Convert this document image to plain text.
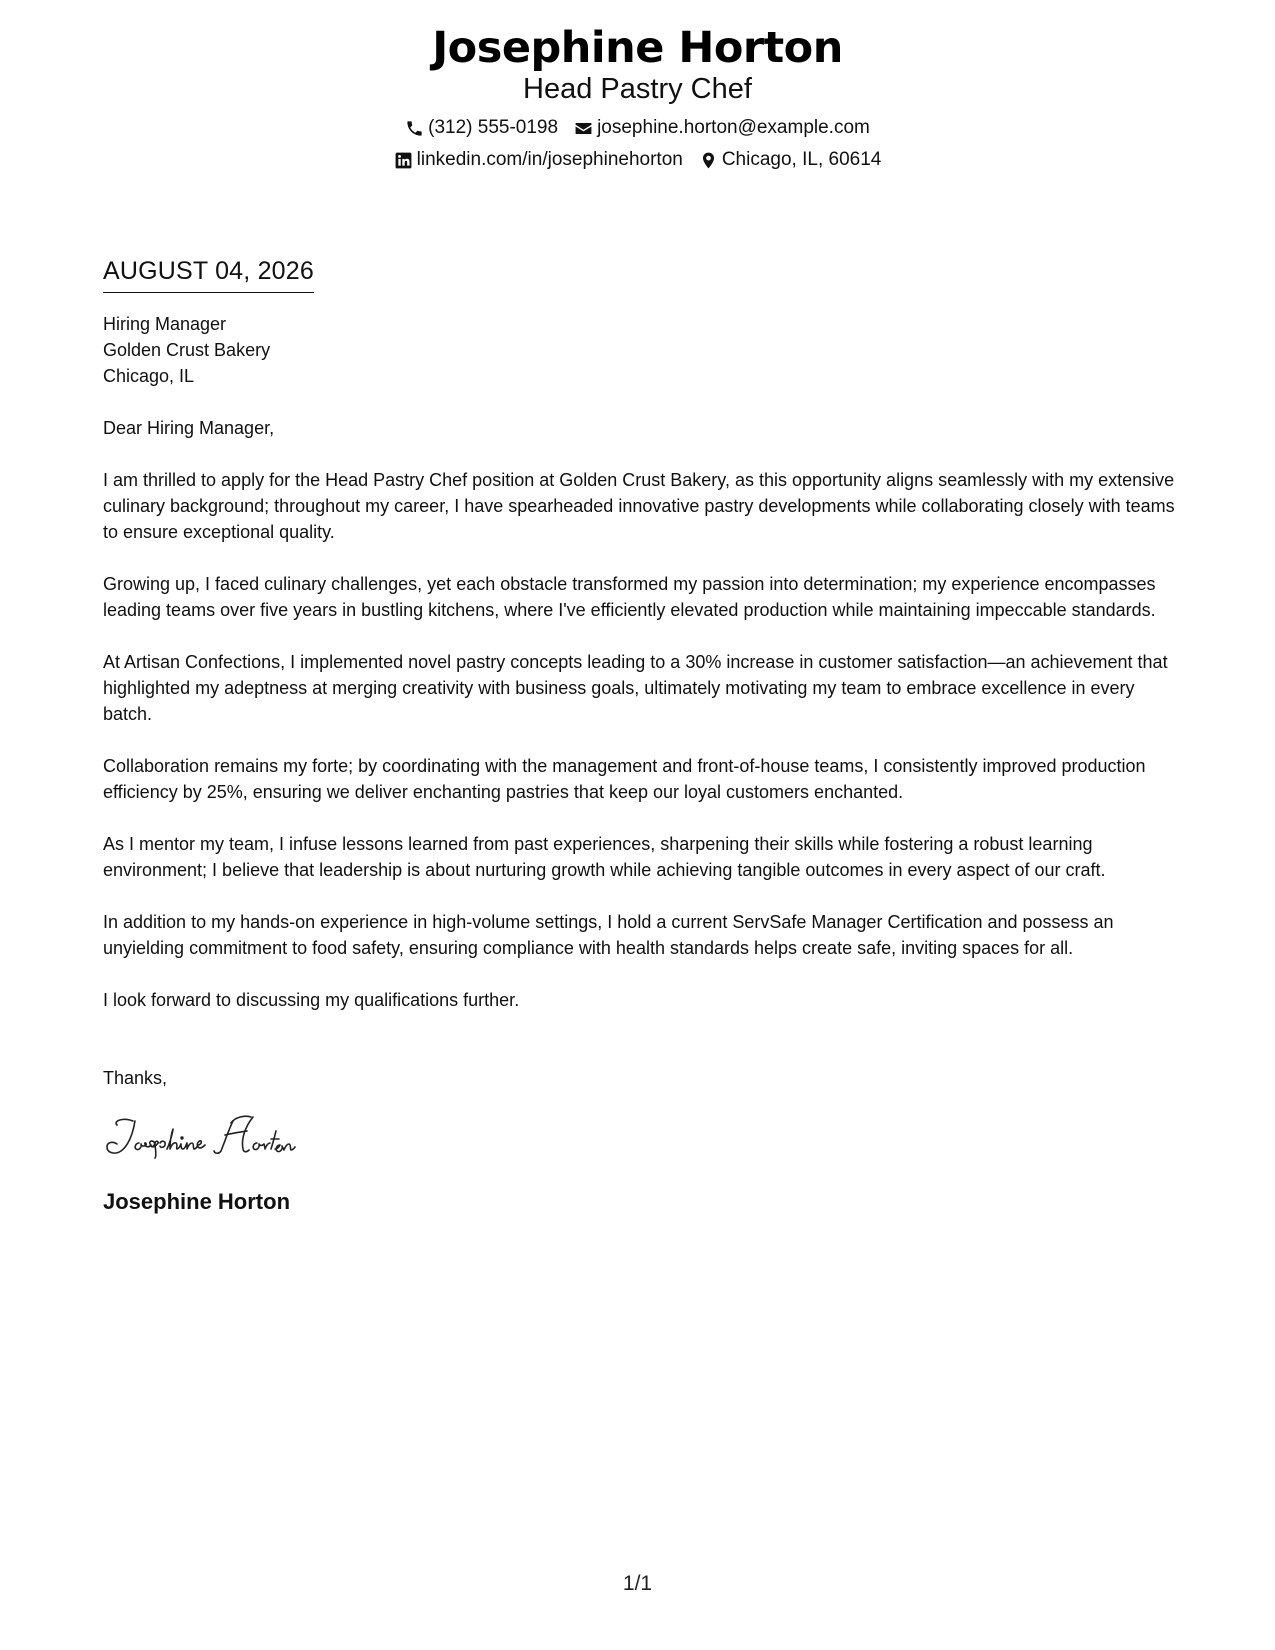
Josephine Horton
Head Pastry Chef
(312) 555-0198 josephine.horton@example.com
linkedin.com/in/josephinehorton Chicago, IL, 60614
AUGUST 04, 2026
Hiring Manager
Golden Crust Bakery
Chicago, IL
Dear Hiring Manager,
I am thrilled to apply for the Head Pastry Chef position at Golden Crust Bakery, as this opportunity aligns seamlessly with my extensive culinary background; throughout my career, I have spearheaded innovative pastry developments while collaborating closely with teams to ensure exceptional quality.
Growing up, I faced culinary challenges, yet each obstacle transformed my passion into determination; my experience encompasses leading teams over five years in bustling kitchens, where I've efficiently elevated production while maintaining impeccable standards.
At Artisan Confections, I implemented novel pastry concepts leading to a 30% increase in customer satisfaction—an achievement that highlighted my adeptness at merging creativity with business goals, ultimately motivating my team to embrace excellence in every batch.
Collaboration remains my forte; by coordinating with the management and front-of-house teams, I consistently improved production efficiency by 25%, ensuring we deliver enchanting pastries that keep our loyal customers enchanted.
As I mentor my team, I infuse lessons learned from past experiences, sharpening their skills while fostering a robust learning environment; I believe that leadership is about nurturing growth while achieving tangible outcomes in every aspect of our craft.
In addition to my hands-on experience in high-volume settings, I hold a current ServSafe Manager Certification and possess an unyielding commitment to food safety, ensuring compliance with health standards helps create safe, inviting spaces for all.
I look forward to discussing my qualifications further.
Thanks,
Josephine Horton
1/1
